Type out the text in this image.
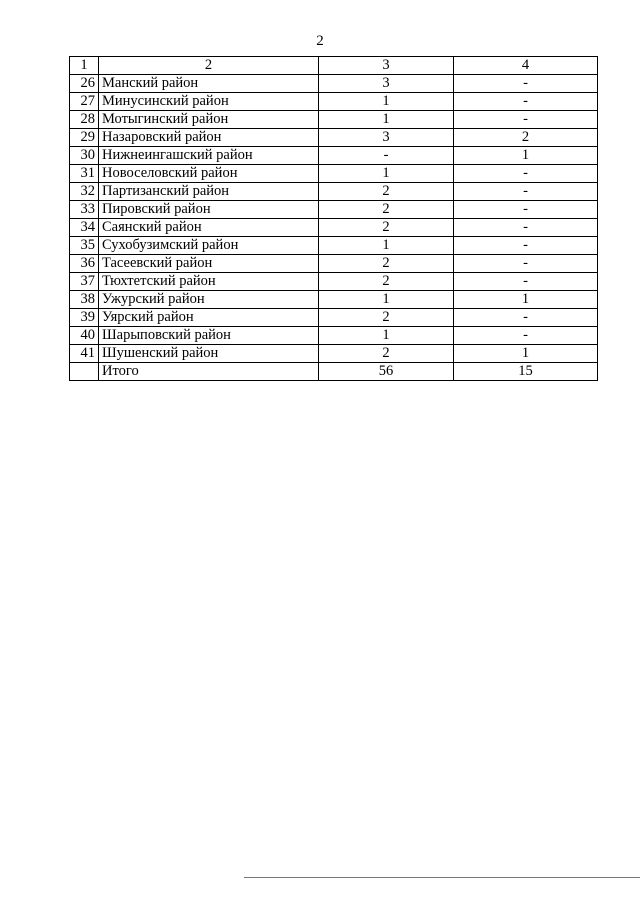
2
1	2	3	4
26	Манский район	3	-
27	Минусинский район	1	-
28	Мотыгинский район	1	-
29	Назаровский район	3	2
30	Нижнеингашский район	-	1
31	Новоселовский район	1	-
32	Партизанский район	2	-
33	Пировский район	2	-
34	Саянский район	2	-
35	Сухобузимский район	1	-
36	Тасеевский район	2	-
37	Тюхтетский район	2	-
38	Ужурский район	1	1
39	Уярский район	2	-
40	Шарыповский район	1	-
41	Шушенский район	2	1
	Итого	56	15
